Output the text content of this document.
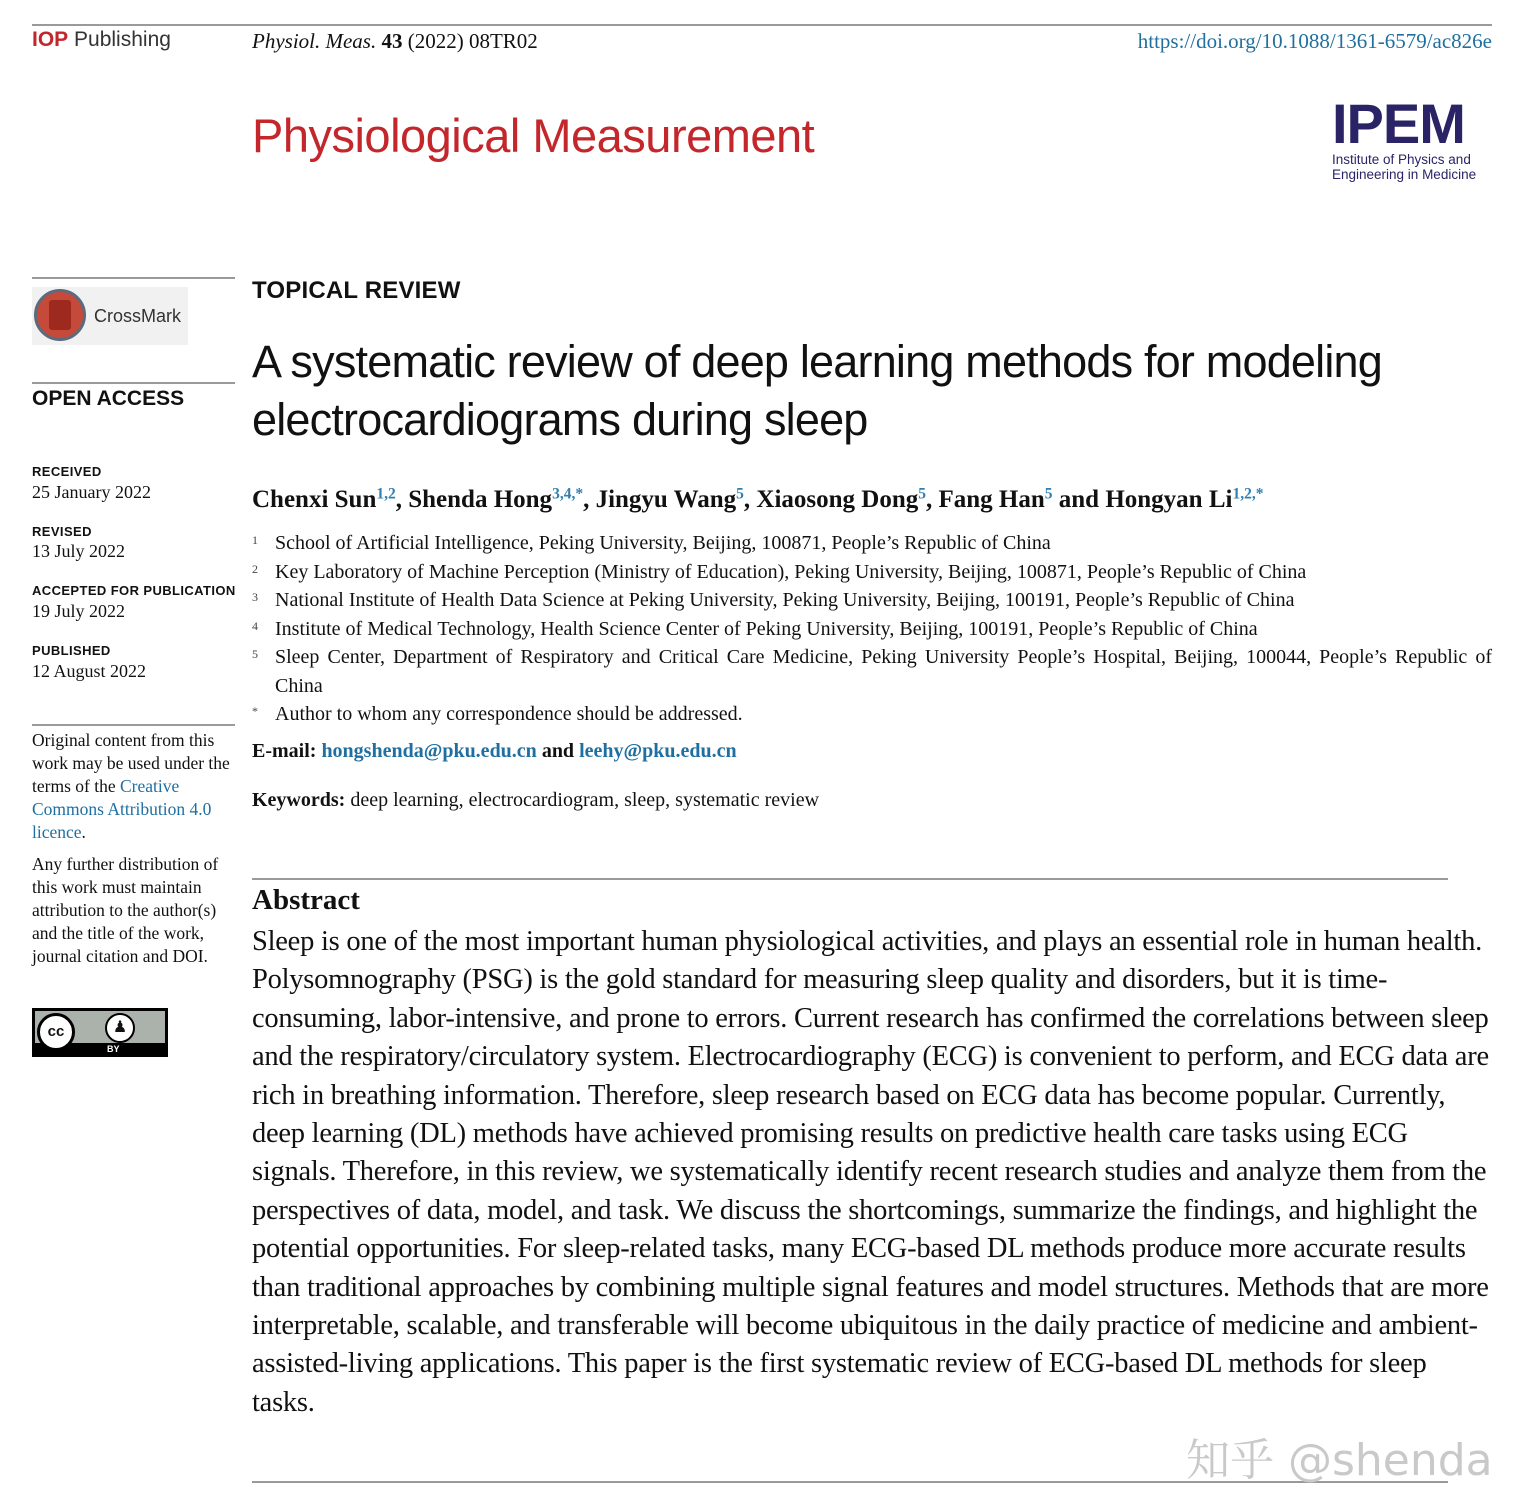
IOP Publishing	Physiol. Meas. 43 (2022) 08TR02	https://doi.org/10.1088/1361-6579/ac826e
Physiological Measurement	IPEM
Institute of Physics and
Engineering in Medicine
CrossMark
OPEN ACCESS
RECEIVED
25 January 2022
REVISED
13 July 2022
ACCEPTED FOR PUBLICATION
19 July 2022
PUBLISHED
12 August 2022
Original content from this work may be used under the terms of the Creative Commons Attribution 4.0 licence.
Any further distribution of this work must maintain attribution to the author(s) and the title of the work, journal citation and DOI.
cc	♟
BY
TOPICAL REVIEW
A systematic review of deep learning methods for modeling electrocardiograms during sleep
Chenxi Sun$^{1,2}$, Shenda Hong$^{3,4,*}$, Jingyu Wang$^5$, Xiaosong Dong$^5$, Fang Han$^5$ and Hongyan $Li^{1,2,*}$
1 School of Artificial Intelligence, Peking University, Beijing, 100871, People’s Republic of China
2 Key Laboratory of Machine Perception (Ministry of Education), Peking University, Beijing, 100871, People’s Republic of China
3 National Institute of Health Data Science at Peking University, Peking University, Beijing, 100191, People’s Republic of China
4 Institute of Medical Technology, Health Science Center of Peking University, Beijing, 100191, People’s Republic of China
5 Sleep Center, Department of Respiratory and Critical Care Medicine, Peking University People’s Hospital, Beijing, 100044, People’s Republic of China
* Author to whom any correspondence should be addressed.
E-mail: hongshenda@pku.edu.cn and leehy@pku.edu.cn
Keywords: deep learning, electrocardiogram, sleep, systematic review
Abstract
Sleep is one of the most important human physiological activities, and plays an essential role in human health. Polysomnography (PSG) is the gold standard for measuring sleep quality and disorders, but it is time-consuming, labor-intensive, and prone to errors. Current research has confirmed the correlations between sleep and the respiratory/circulatory system. Electrocardiography (ECG) is convenient to perform, and ECG data are rich in breathing information. Therefore, sleep research based on ECG data has become popular. Currently, deep learning (DL) methods have achieved promising results on predictive health care tasks using ECG signals. Therefore, in this review, we systematically identify recent research studies and analyze them from the perspectives of data, model, and task. We discuss the shortcomings, summarize the findings, and highlight the potential opportunities. For sleep-related tasks, many ECG-based DL methods produce more accurate results than traditional approaches by combining multiple signal features and model structures. Methods that are more interpretable, scalable, and transferable will become ubiquitous in the daily practice of medicine and ambient-assisted-living applications. This paper is the first systematic review of ECG-based DL methods for sleep tasks.
知乎 @shenda
